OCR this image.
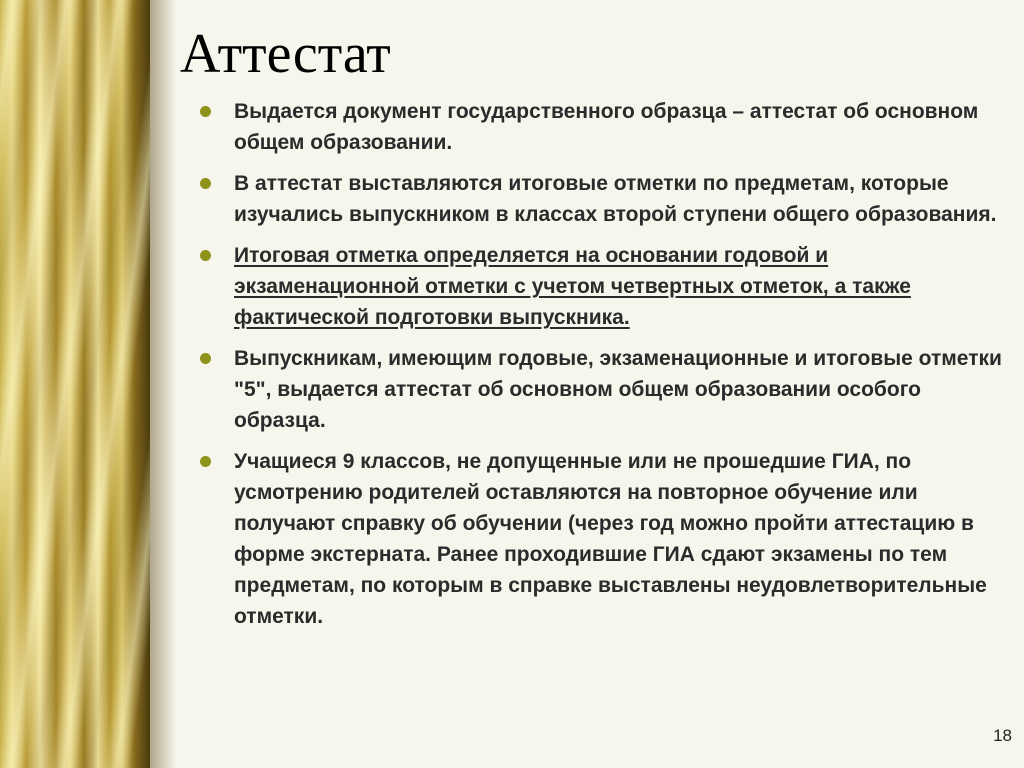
Аттестат
Выдается документ государственного образца – аттестат об основном общем образовании.
В аттестат выставляются итоговые отметки по предметам, которые изучались выпускником в классах второй ступени общего образования.
Итоговая отметка определяется на основании годовой и экзаменационной отметки с учетом четвертных отметок, а также фактической подготовки выпускника.
Выпускникам, имеющим годовые, экзаменационные и итоговые отметки "5", выдается аттестат об основном общем образовании особого образца.
Учащиеся 9 классов, не допущенные или не прошедшие ГИА, по усмотрению родителей оставляются на повторное обучение или получают справку об обучении (через год можно пройти аттестацию в форме экстерната. Ранее проходившие ГИА сдают экзамены по тем предметам, по которым в справке выставлены неудовлетворительные отметки.
18
